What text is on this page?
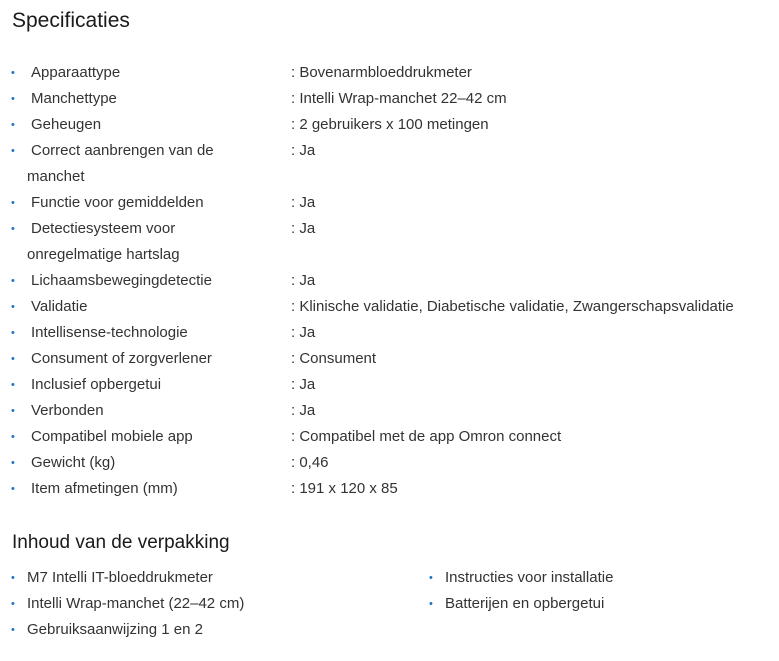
Specificaties
•	Apparaattype	: Bovenarmbloeddrukmeter
•	Manchettype	: Intelli Wrap-manchet 22–42 cm
•	Geheugen	: 2 gebruikers x 100 metingen
•	Correct aanbrengen van de manchet
: Ja
•	Functie voor gemiddelden	: Ja
•	Detectiesysteem voor onregelmatige hartslag
: Ja
•	Lichaamsbewegingdetectie	: Ja
•	Validatie	: Klinische validatie, Diabetische validatie, Zwangerschapsvalidatie
•	Intellisense-technologie	: Ja
•	Consument of zorgverlener	: Consument
•	Inclusief opbergetui	: Ja
•	Verbonden	: Ja
•	Compatibel mobiele app	: Compatibel met de app Omron connect
•	Gewicht (kg)	: 0,46
•	Item afmetingen (mm)	: 191 x 120 x 85
Inhoud van de verpakking
• M7 Intelli IT-bloeddrukmeter
• Intelli Wrap-manchet (22–42 cm)
• Gebruiksaanwijzing 1 en 2
• Instructies voor installatie
• Batterijen en opbergetui
